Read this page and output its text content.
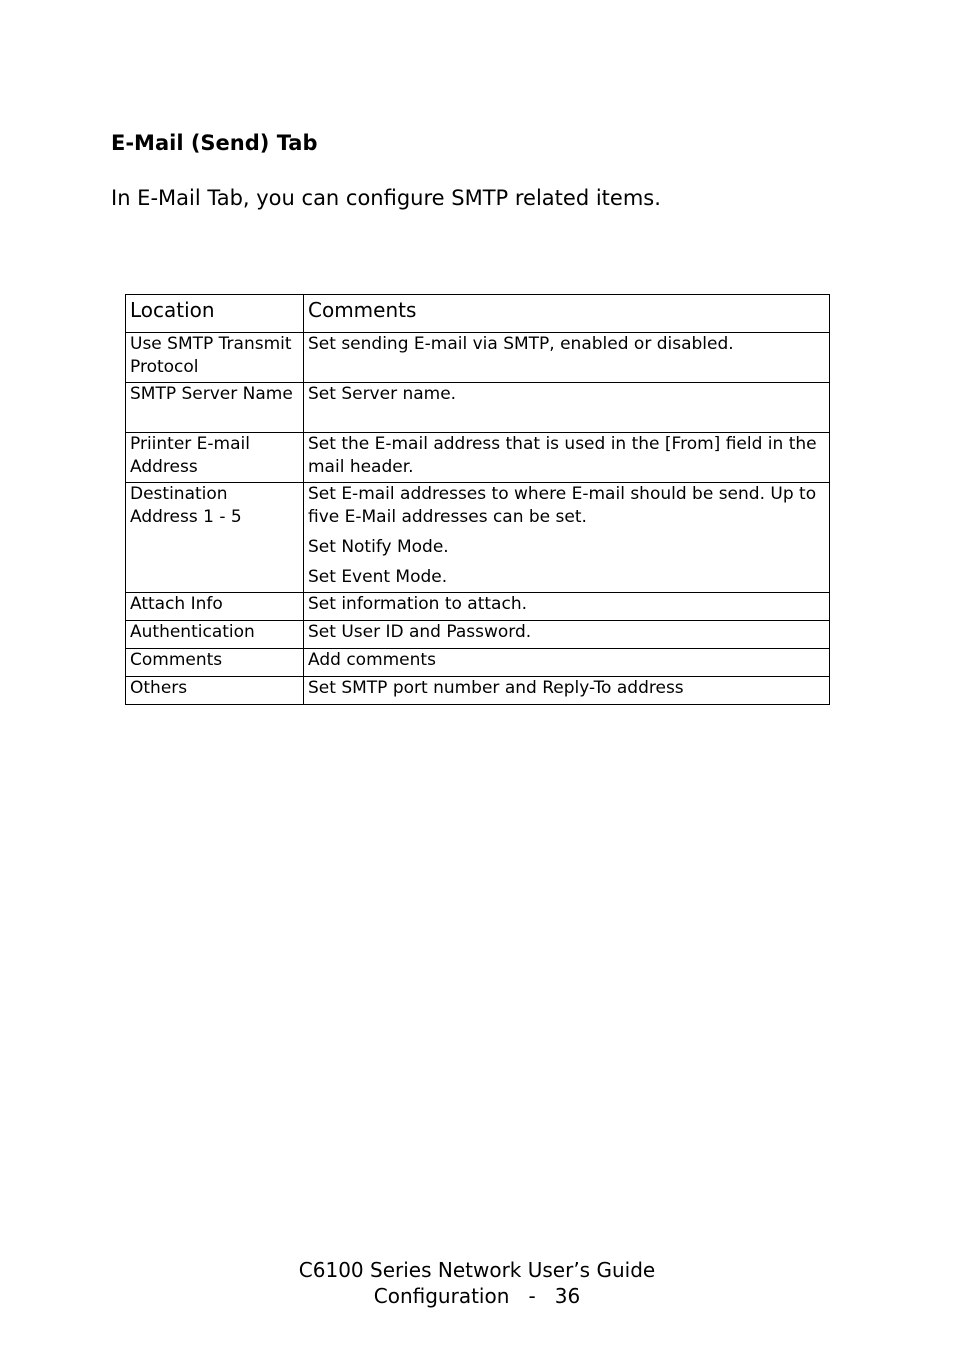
E-Mail (Send) Tab

In E-Mail Tab, you can configure SMTP related items.

Location	Comments

Use SMTP Transmit Protocol	Set sending E-mail via SMTP, enabled or disabled.

SMTP Server Name	Set Server name.

Priinter E-mail Address	Set the E-mail address that is used in the [From] field in the mail header.

Destination Address 1 - 5	Set E-mail addresses to where E-mail should be send. Up to five E-Mail addresses can be set.
Set Notify Mode.
Set Event Mode.

Attach Info	Set information to attach.

Authentication	Set User ID and Password.

Comments	Add comments

Others	Set SMTP port number and Reply-To address
C6100 Series Network User’s Guide
Configuration   -   36
